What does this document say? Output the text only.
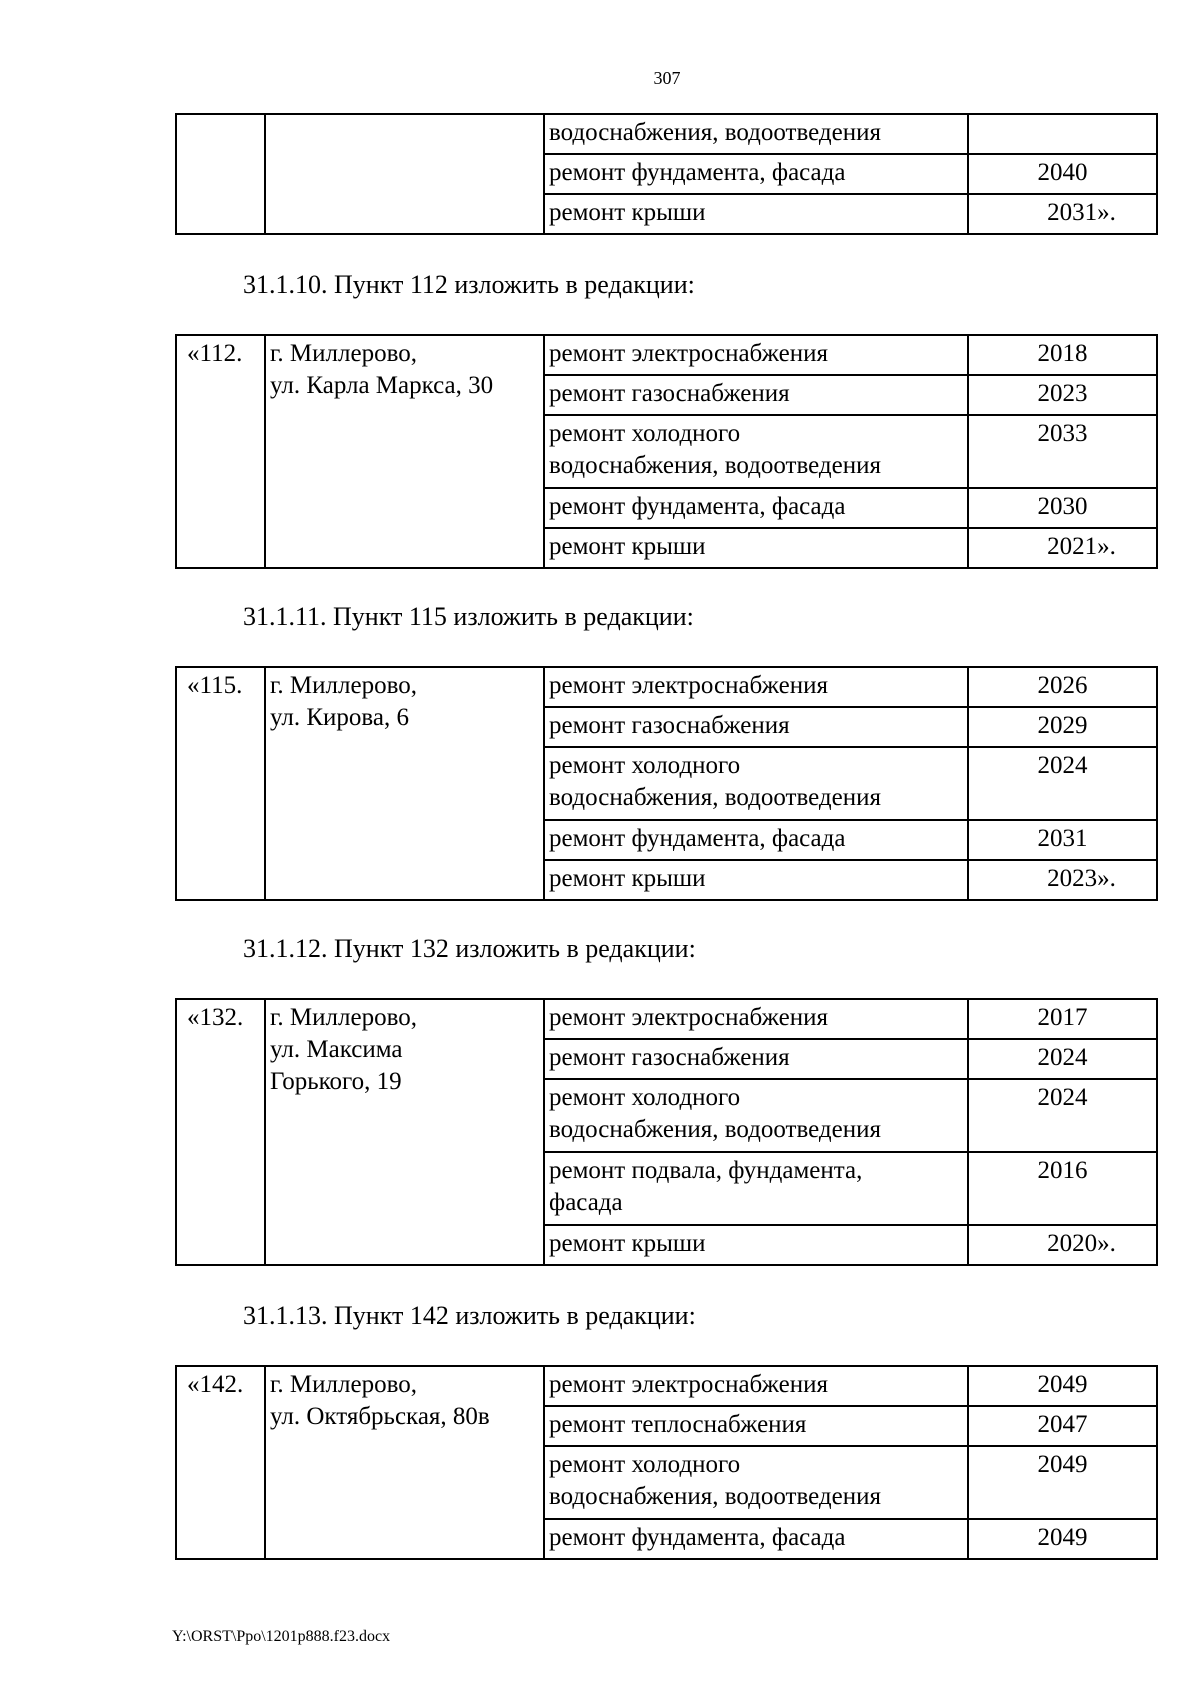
307
		водоснабжения, водоотведения	
		ремонт фундамента, фасада	2040
		ремонт крыши	2031».
31.1.10. Пункт 112 изложить в редакции:
«112.	г. Миллерово,
ул. Карла Маркса, 30	ремонт электроснабжения	2018
		ремонт газоснабжения	2023

		ремонт холодного
водоснабжения, водоотведения	2033
		ремонт фундамента, фасада	2030
		ремонт крыши	2021».
31.1.11. Пункт 115 изложить в редакции:
«115.	г. Миллерово,
ул. Кирова, 6	ремонт электроснабжения	2026
		ремонт газоснабжения	2029

		ремонт холодного
водоснабжения, водоотведения	2024
		ремонт фундамента, фасада	2031
		ремонт крыши	2023».
31.1.12. Пункт 132 изложить в редакции:
«132.	г. Миллерово,
ул. Максима
Горького, 19	ремонт электроснабжения	2017
		ремонт газоснабжения	2024

		ремонт холодного
водоснабжения, водоотведения	2024

		ремонт подвала, фундамента,
фасада	2016
		ремонт крыши	2020».
31.1.13. Пункт 142 изложить в редакции:
«142.	г. Миллерово,
ул. Октябрьская, 80в	ремонт электроснабжения	2049
		ремонт теплоснабжения	2047

		ремонт холодного
водоснабжения, водоотведения	2049
		ремонт фундамента, фасада	2049
Y:\ORST\Ppo\1201p888.f23.docx
